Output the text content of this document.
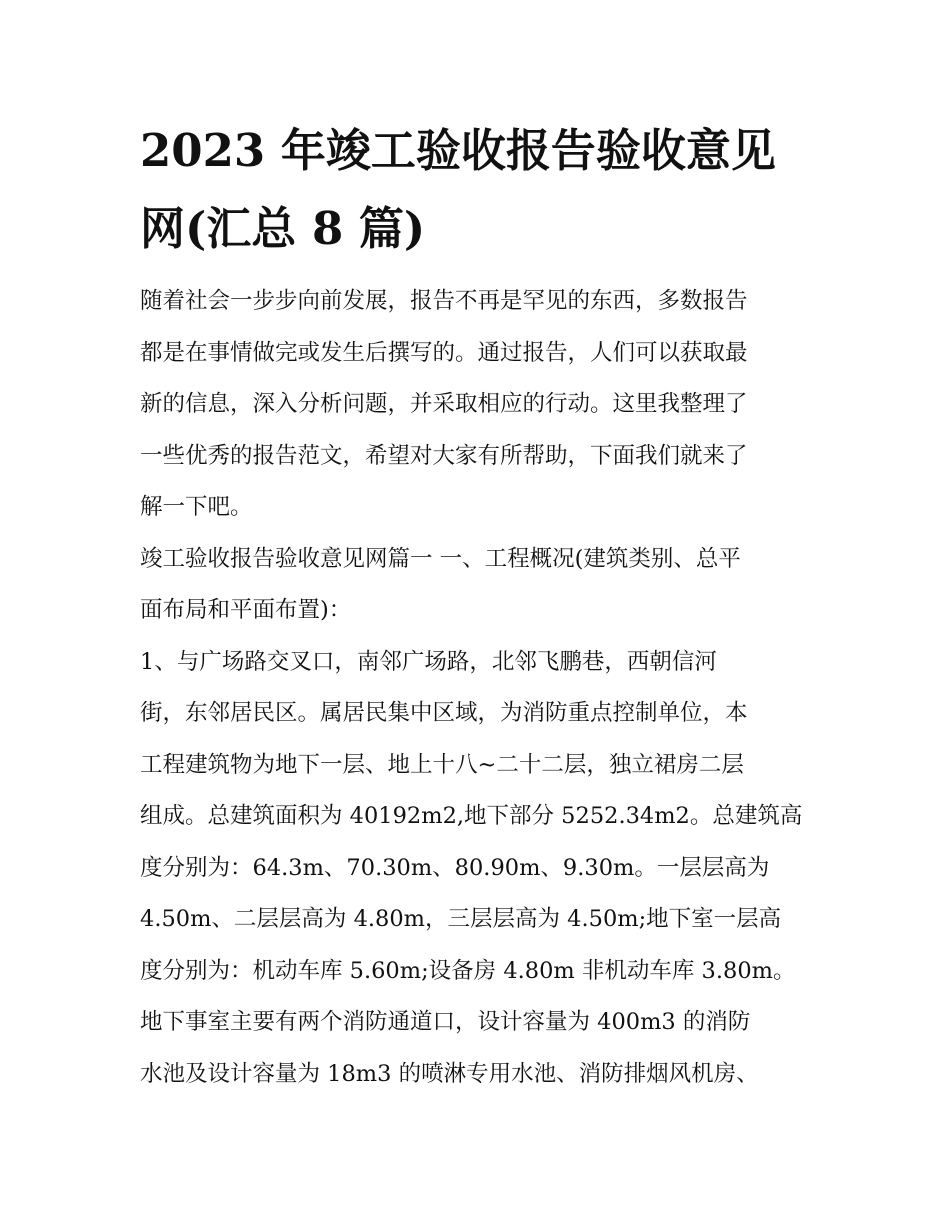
2023 年竣工验收报告验收意见
网(汇总 8 篇)
随着社会一步步向前发展，报告不再是罕见的东西，多数报告
都是在事情做完或发生后撰写的。通过报告，人们可以获取最
新的信息，深入分析问题，并采取相应的行动。这里我整理了
一些优秀的报告范文，希望对大家有所帮助，下面我们就来了
解一下吧。
竣工验收报告验收意见网篇一 一、工程概况(建筑类别、总平
面布局和平面布置)：
1、与广场路交叉口，南邻广场路，北邻飞鹏巷，西朝信河
街，东邻居民区。属居民集中区域，为消防重点控制单位，本
工程建筑物为地下一层、地上十八~二十二层，独立裙房二层
组成。总建筑面积为 40192m2,地下部分 5252.34m2。总建筑高
度分别为：64.3m、70.30m、80.90m、9.30m。一层层高为
4.50m、二层层高为 4.80m，三层层高为 4.50m;地下室一层高
度分别为：机动车库 5.60m;设备房 4.80m 非机动车库 3.80m。
地下事室主要有两个消防通道口，设计容量为 400m3 的消防
水池及设计容量为 18m3 的喷淋专用水池、消防排烟风机房、
